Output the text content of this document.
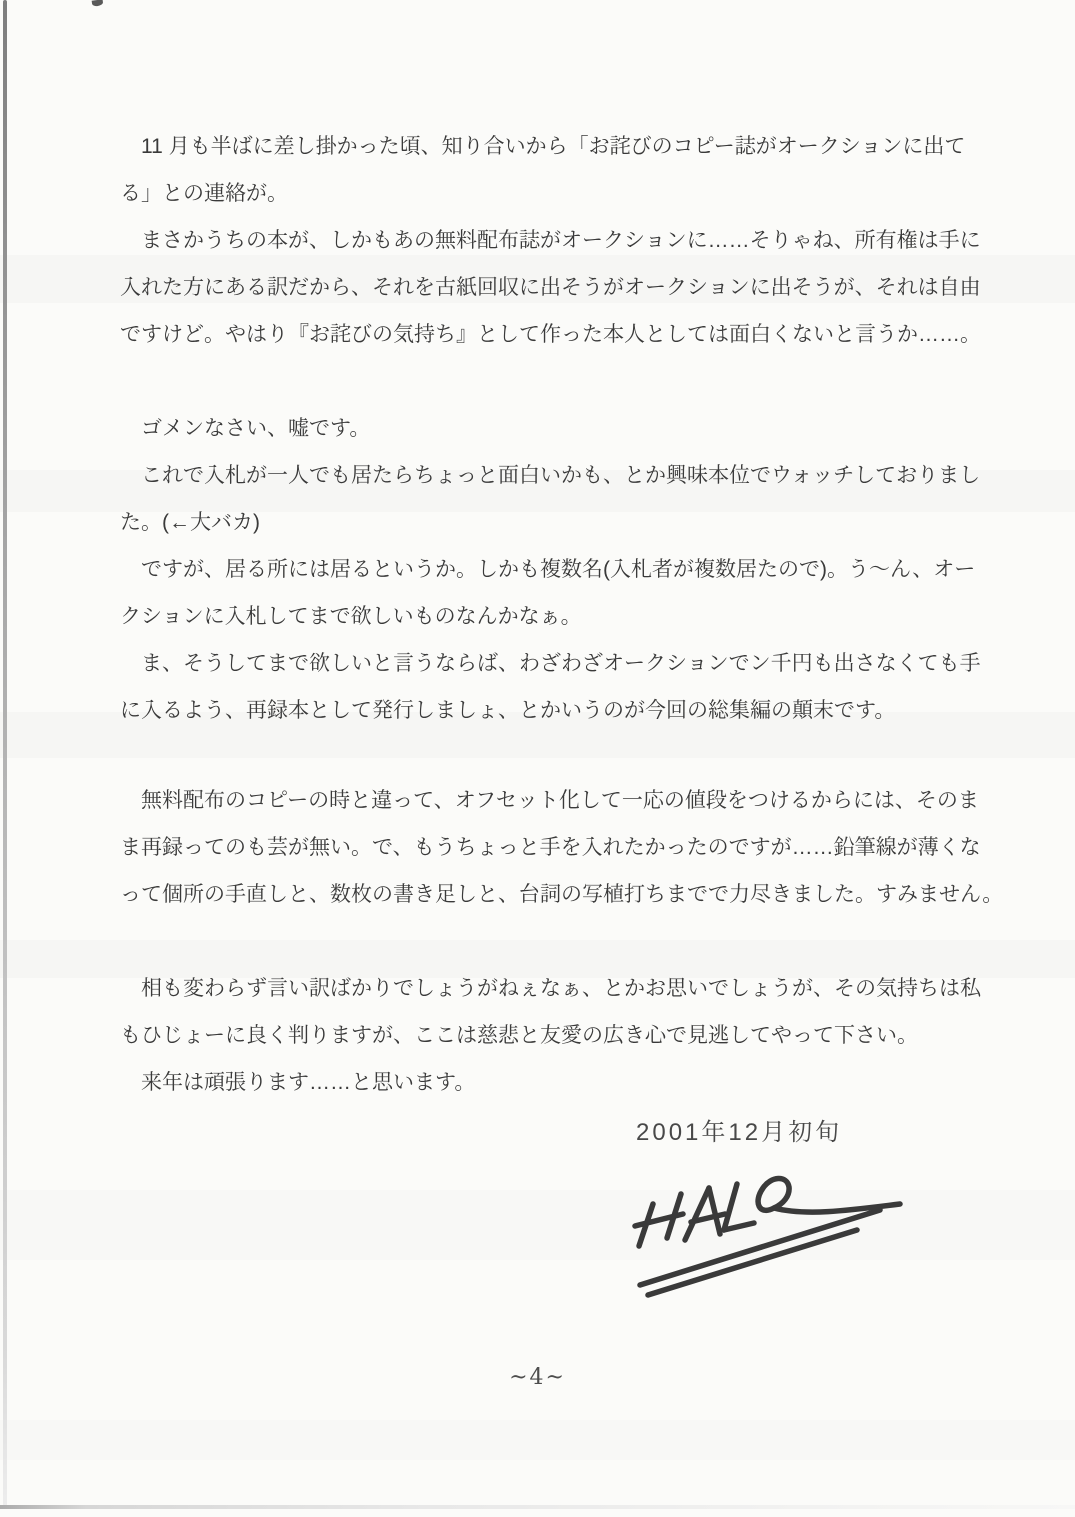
　11 月も半ばに差し掛かった頃、知り合いから「お詫びのコピー誌がオークションに出て

る」との連絡が。

　まさかうちの本が、しかもあの無料配布誌がオークションに……そりゃね、所有権は手に

入れた方にある訳だから、それを古紙回収に出そうがオークションに出そうが、それは自由

ですけど。やはり『お詫びの気持ち』として作った本人としては面白くないと言うか……。

　ゴメンなさい、嘘です。

　これで入札が一人でも居たらちょっと面白いかも、とか興味本位でウォッチしておりまし

た。(←大バカ)

　ですが、居る所には居るというか。しかも複数名(入札者が複数居たので)。う～ん、オー

クションに入札してまで欲しいものなんかなぁ。

　ま、そうしてまで欲しいと言うならば、わざわざオークションでン千円も出さなくても手

に入るよう、再録本として発行しましょ、とかいうのが今回の総集編の顛末です。

　無料配布のコピーの時と違って、オフセット化して一応の値段をつけるからには、そのま

ま再録ってのも芸が無い。で、もうちょっと手を入れたかったのですが……鉛筆線が薄くな

って個所の手直しと、数枚の書き足しと、台詞の写植打ちまでで力尽きました。すみません。

　相も変わらず言い訳ばかりでしょうがねぇなぁ、とかお思いでしょうが、その気持ちは私

もひじょーに良く判りますが、ここは慈悲と友愛の広き心で見逃してやって下さい。

　来年は頑張ります……と思います。

2001年12月初旬
~4~
